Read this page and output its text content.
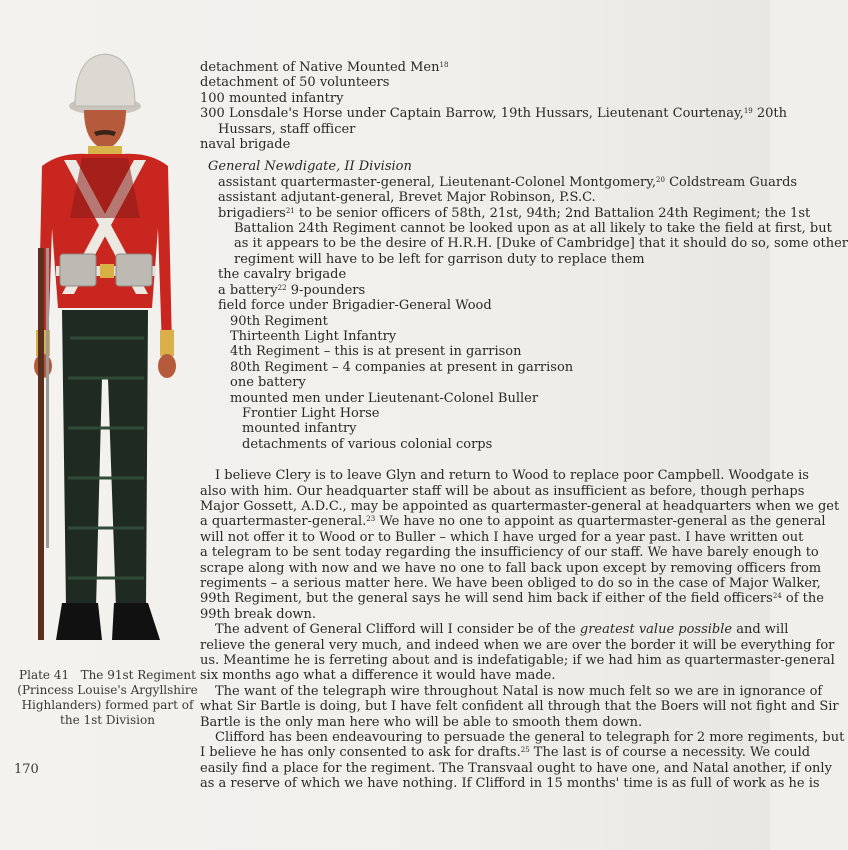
Plate 41 The 91st Regiment (Princess Louise's Argyllshire Highlanders) formed part of the 1st Division
170
detachment of Native Mounted Men$^{18}$
detachment of 50 volunteers
100 mounted infantry
300 Lonsdale's Horse under Captain Barrow, 19th Hussars, Lieutenant Courtenay,$^{19}$ 20th
Hussars, staff officer
naval brigade
General Newdigate, II Division
assistant quartermaster-general, Lieutenant-Colonel Montgomery,$^{20}$ Coldstream Guards
assistant adjutant-general, Brevet Major Robinson, P.S.C.
brigadiers$^{21}$ to be senior officers of 58th, 21st, 94th; 2nd Battalion 24th Regiment; the 1st
Battalion 24th Regiment cannot be looked upon as at all likely to take the field at first, but
as it appears to be the desire of H.R.H. [Duke of Cambridge] that it should do so, some other
regiment will have to be left for garrison duty to replace them
the cavalry brigade
a battery$^{22}$ 9-pounders
field force under Brigadier-General Wood
90th Regiment
Thirteenth Light Infantry
4th Regiment – this is at present in garrison
80th Regiment – 4 companies at present in garrison
one battery
mounted men under Lieutenant-Colonel Buller
Frontier Light Horse
mounted infantry
detachments of various colonial corps
I believe Clery is to leave Glyn and return to Wood to replace poor Campbell. Woodgate is
also with him. Our headquarter staff will be about as insufficient as before, though perhaps
Major Gossett, A.D.C., may be appointed as quartermaster-general at headquarters when we get
a quartermaster-general.$^{23}$ We have no one to appoint as quartermaster-general as the general
will not offer it to Wood or to Buller – which I have urged for a year past. I have written out
a telegram to be sent today regarding the insufficiency of our staff. We have barely enough to
scrape along with now and we have no one to fall back upon except by removing officers from
regiments – a serious matter here. We have been obliged to do so in the case of Major Walker,
99th Regiment, but the general says he will send him back if either of the field officers$^{24}$ of the
99th break down.
The advent of General Clifford will I consider be of the greatest value possible and will
relieve the general very much, and indeed when we are over the border it will be everything for
us. Meantime he is ferreting about and is indefatigable; if we had him as quartermaster-general
six months ago what a difference it would have made.
The want of the telegraph wire throughout Natal is now much felt so we are in ignorance of
what Sir Bartle is doing, but I have felt confident all through that the Boers will not fight and Sir
Bartle is the only man here who will be able to smooth them down.
Clifford has been endeavouring to persuade the general to telegraph for 2 more regiments, but
I believe he has only consented to ask for drafts.$^{25}$ The last is of course a necessity. We could
easily find a place for the regiment. The Transvaal ought to have one, and Natal another, if only
as a reserve of which we have nothing. If Clifford in 15 months' time is as full of work as he is
